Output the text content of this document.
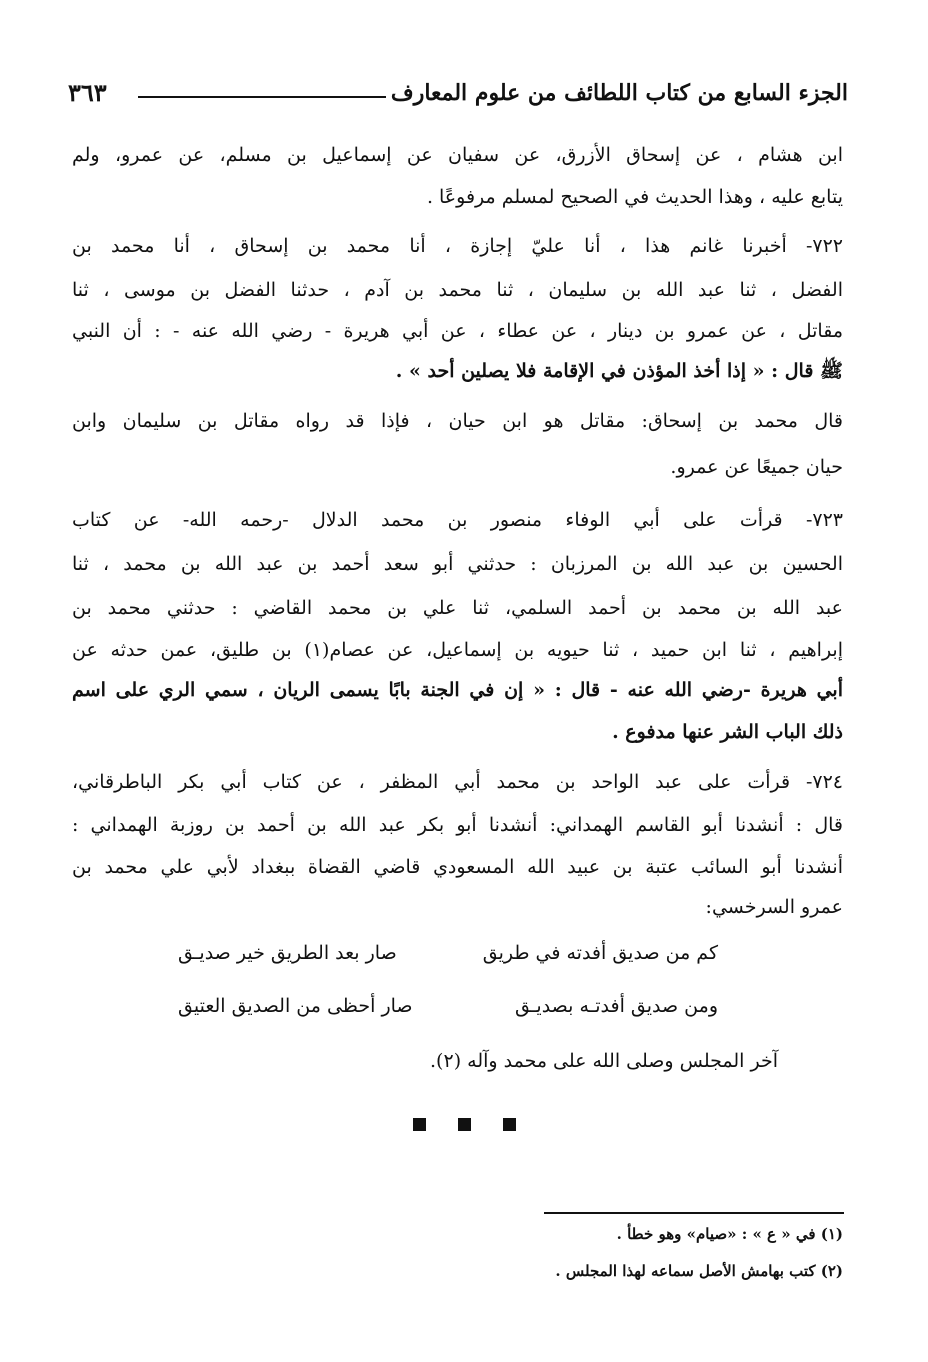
الجزء السابع من كتاب اللطائف من علوم المعارف
٣٦٣
ابن هشام ، عن إسحاق الأزرق، عن سفيان عن إسماعيل بن مسلم، عن عمرو، ولم
يتابع عليه ، وهذا الحديث في الصحيح لمسلم مرفوعًا .
٧٢٢- أخبرنا غانم هذا ، أنا عليّ إجازة ، أنا محمد بن إسحاق ، أنا محمد بن
الفضل ، ثنا عبد الله بن سليمان ، ثنا محمد بن آدم ، حدثنا الفضل بن موسى ، ثنا
مقاتل ، عن عمرو بن دينار ، عن عطاء ، عن أبي هريرة - رضي الله عنه - : أن النبي
ﷺ قال : « إذا أخذ المؤذن في الإقامة فلا يصلين أحد » .
قال محمد بن إسحاق: مقاتل هو ابن حيان ، فإذا قد رواه مقاتل بن سليمان وابن
حيان جميعًا عن عمرو.
٧٢٣- قرأت على أبي الوفاء منصور بن محمد الدلال -رحمه الله- عن كتاب
الحسين بن عبد الله بن المرزبان : حدثني أبو سعد أحمد بن عبد الله بن محمد ، ثنا
عبد الله بن محمد بن أحمد السلمي، ثنا علي بن محمد القاضي : حدثني محمد بن
إبراهيم ، ثنا ابن حميد ، ثنا حيويه بن إسماعيل، عن عصام(١) بن طليق، عمن حدثه عن
أبي هريرة -رضي الله عنه - قال : « إن في الجنة بابًا يسمى الريان ، سمي الري على اسم
ذلك الباب الشر عنها مدفوع .
٧٢٤- قرأت على عبد الواحد بن محمد أبي المظفر ، عن كتاب أبي بكر الباطرقاني،
قال : أنشدنا أبو القاسم الهمداني: أنشدنا أبو بكر عبد الله بن أحمد بن روزبة الهمداني :
أنشدنا أبو السائب عتبة بن عبيد الله المسعودي قاضي القضاة ببغداد لأبي علي محمد بن
عمرو السرخسي:
كم من صديق أفدته في طريق
صار بعد الطريق خير صديـق
ومن صديق أفدتـه بصديـق
صار أحظى من الصديق العتيق
آخر المجلس وصلى الله على محمد وآله (٢).
(١) في « ع » : «صيام» وهو خطأ .
(٢) كتب بهامش الأصل سماعه لهذا المجلس .
